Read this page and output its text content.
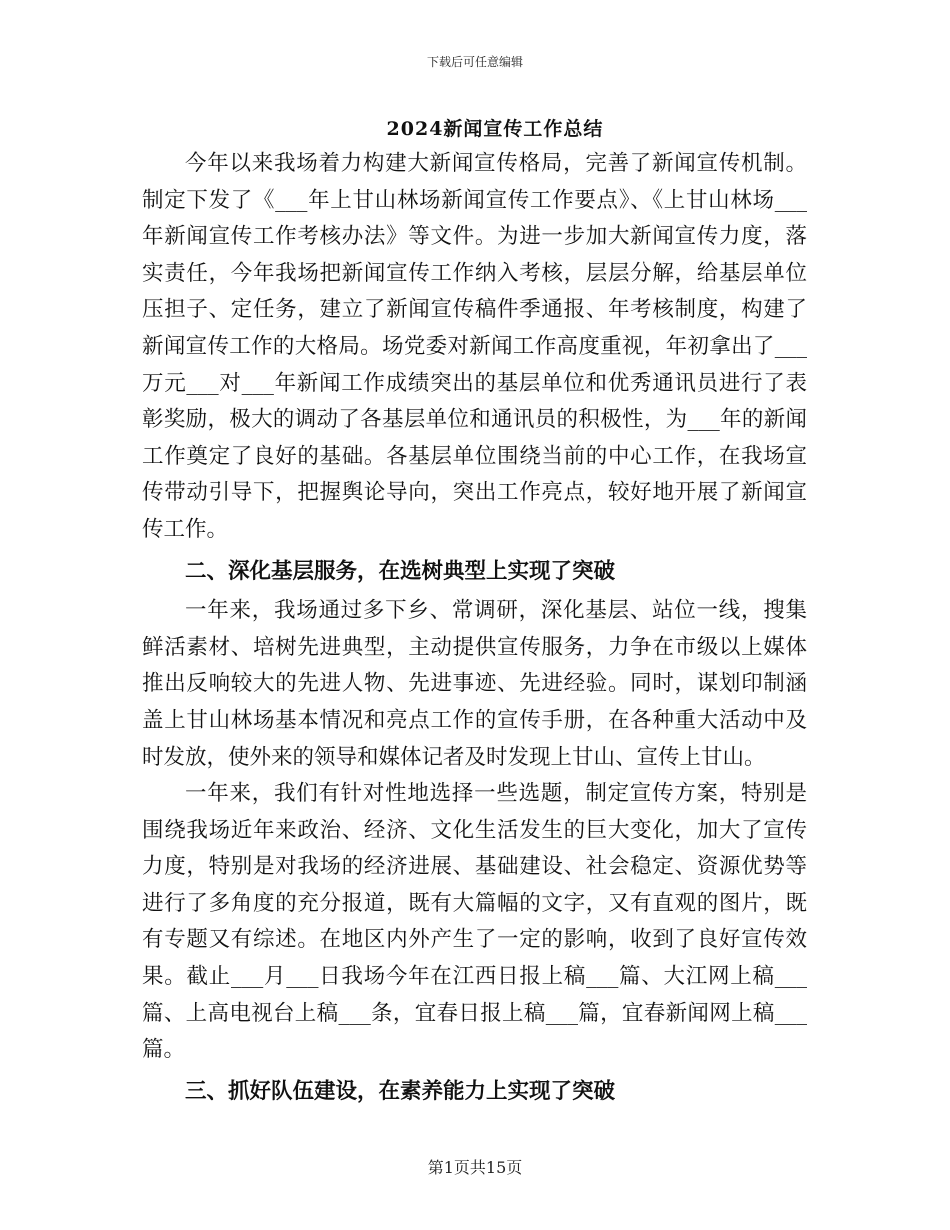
下载后可任意编辑
2024新闻宣传工作总结

今年以来我场着力构建大新闻宣传格局，完善了新闻宣传机制。制定下发了《___年上甘山林场新闻宣传工作要点》、《上甘山林场___年新闻宣传工作考核办法》等文件。为进一步加大新闻宣传力度，落实责任，今年我场把新闻宣传工作纳入考核，层层分解，给基层单位压担子、定任务，建立了新闻宣传稿件季通报、年考核制度，构建了新闻宣传工作的大格局。场党委对新闻工作高度重视，年初拿出了___万元___对___年新闻工作成绩突出的基层单位和优秀通讯员进行了表彰奖励，极大的调动了各基层单位和通讯员的积极性，为___年的新闻工作奠定了良好的基础。各基层单位围绕当前的中心工作，在我场宣传带动引导下，把握舆论导向，突出工作亮点，较好地开展了新闻宣传工作。

二、深化基层服务，在选树典型上实现了突破

一年来，我场通过多下乡、常调研，深化基层、站位一线，搜集鲜活素材、培树先进典型，主动提供宣传服务，力争在市级以上媒体推出反响较大的先进人物、先进事迹、先进经验。同时，谋划印制涵盖上甘山林场基本情况和亮点工作的宣传手册，在各种重大活动中及时发放，使外来的领导和媒体记者及时发现上甘山、宣传上甘山。

一年来，我们有针对性地选择一些选题，制定宣传方案，特别是围绕我场近年来政治、经济、文化生活发生的巨大变化，加大了宣传力度，特别是对我场的经济进展、基础建设、社会稳定、资源优势等进行了多角度的充分报道，既有大篇幅的文字，又有直观的图片，既有专题又有综述。在地区内外产生了一定的影响，收到了良好宣传效果。截止___月___日我场今年在江西日报上稿___篇、大江网上稿___篇、上高电视台上稿___条，宜春日报上稿___篇，宜春新闻网上稿___篇。

三、抓好队伍建设，在素养能力上实现了突破

第1页共15页
